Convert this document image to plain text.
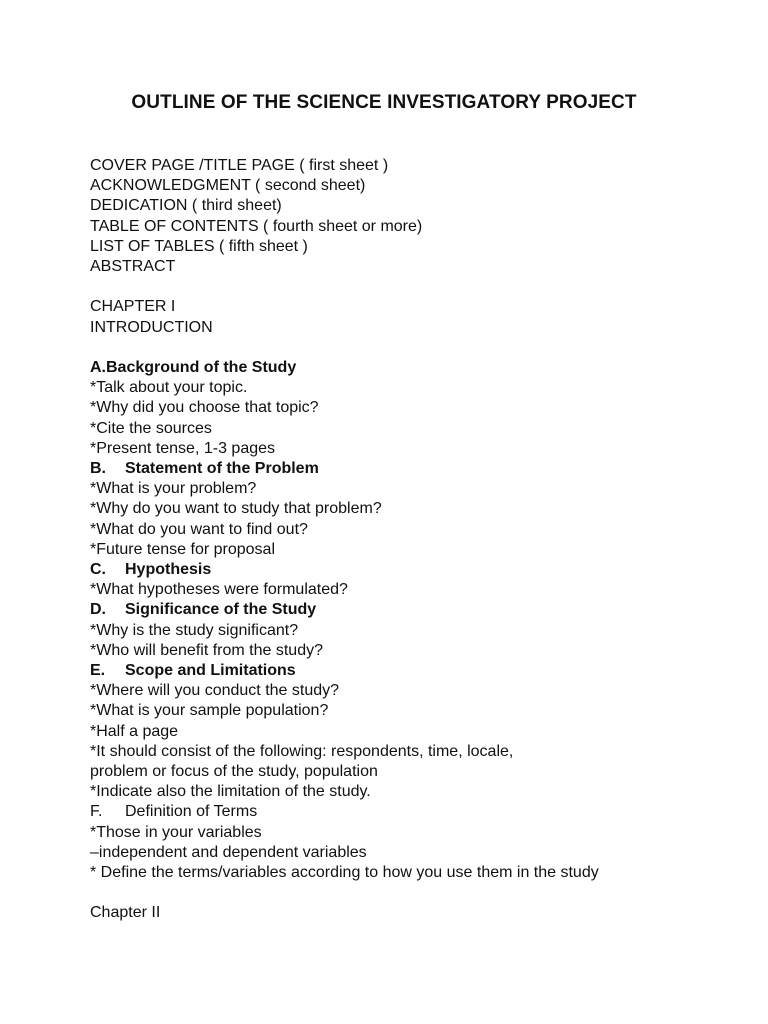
OUTLINE OF THE SCIENCE INVESTIGATORY PROJECT
COVER PAGE /TITLE PAGE ( first sheet )
ACKNOWLEDGMENT ( second sheet)
DEDICATION ( third sheet)
TABLE OF CONTENTS ( fourth sheet or more)
LIST OF TABLES ( fifth sheet )
ABSTRACT
CHAPTER I
INTRODUCTION
A.Background of the Study
*Talk about your topic.
*Why did you choose that topic?
*Cite the sources
*Present tense, 1-3 pages
B. Statement of the Problem
*What is your problem?
*Why do you want to study that problem?
*What do you want to find out?
*Future tense for proposal
C. Hypothesis
*What hypotheses were formulated?
D. Significance of the Study
*Why is the study significant?
*Who will benefit from the study?
E. Scope and Limitations
*Where will you conduct the study?
*What is your sample population?
*Half a page
*It should consist of the following: respondents, time, locale,
problem or focus of the study, population
*Indicate also the limitation of the study.
F. Definition of Terms
*Those in your variables
–independent and dependent variables
* Define the terms/variables according to how you use them in the study
Chapter II
